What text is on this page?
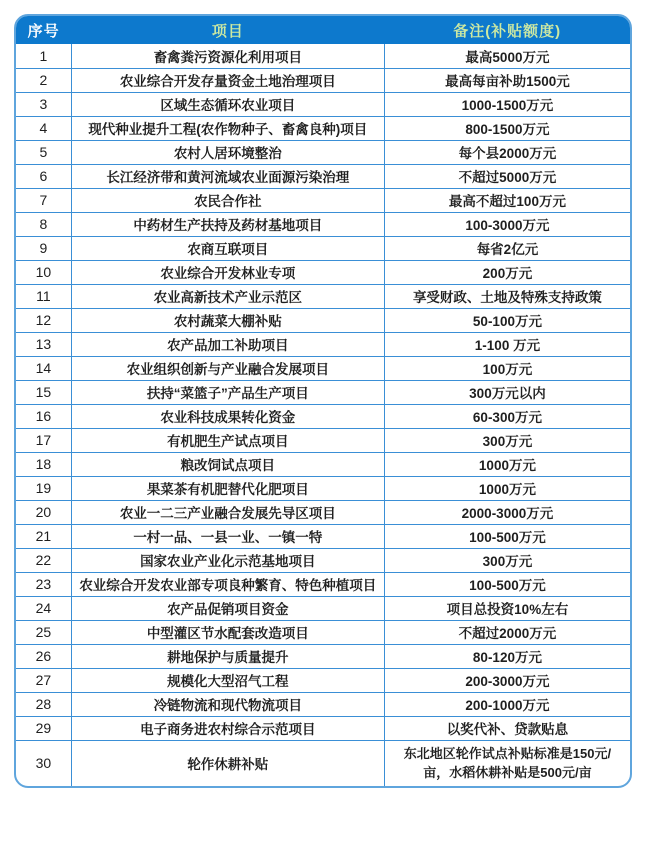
序号	项目	备注(补贴额度)
1	畜禽粪污资源化利用项目	最高5000万元
2	农业综合开发存量资金土地治理项目	最高每亩补助1500元
3	区域生态循环农业项目	1000-1500万元
4	现代种业提升工程(农作物种子、畜禽良种)项目	800-1500万元
5	农村人居环境整治	每个县2000万元
6	长江经济带和黄河流域农业面源污染治理	不超过5000万元
7	农民合作社	最高不超过100万元
8	中药材生产扶持及药材基地项目	100-3000万元
9	农商互联项目	每省2亿元
10	农业综合开发林业专项	200万元
11	农业高新技术产业示范区	享受财政、土地及特殊支持政策
12	农村蔬菜大棚补贴	50-100万元
13	农产品加工补助项目	1-100 万元
14	农业组织创新与产业融合发展项目	100万元
15	扶持“菜篮子”产品生产项目	300万元以内
16	农业科技成果转化资金	60-300万元
17	有机肥生产试点项目	300万元
18	粮改饲试点项目	1000万元
19	果菜茶有机肥替代化肥项目	1000万元
20	农业一二三产业融合发展先导区项目	2000-3000万元
21	一村一品、一县一业、一镇一特	100-500万元
22	国家农业产业化示范基地项目	300万元
23	农业综合开发农业部专项良种繁育、特色种植项目	100-500万元
24	农产品促销项目资金	项目总投资10%左右
25	中型灌区节水配套改造项目	不超过2000万元
26	耕地保护与质量提升	80-120万元
27	规模化大型沼气工程	200-3000万元
28	冷链物流和现代物流项目	200-1000万元
29	电子商务进农村综合示范项目	以奖代补、贷款贴息
30	轮作休耕补贴	东北地区轮作试点补贴标准是150元/亩，水稻休耕补贴是500元/亩
